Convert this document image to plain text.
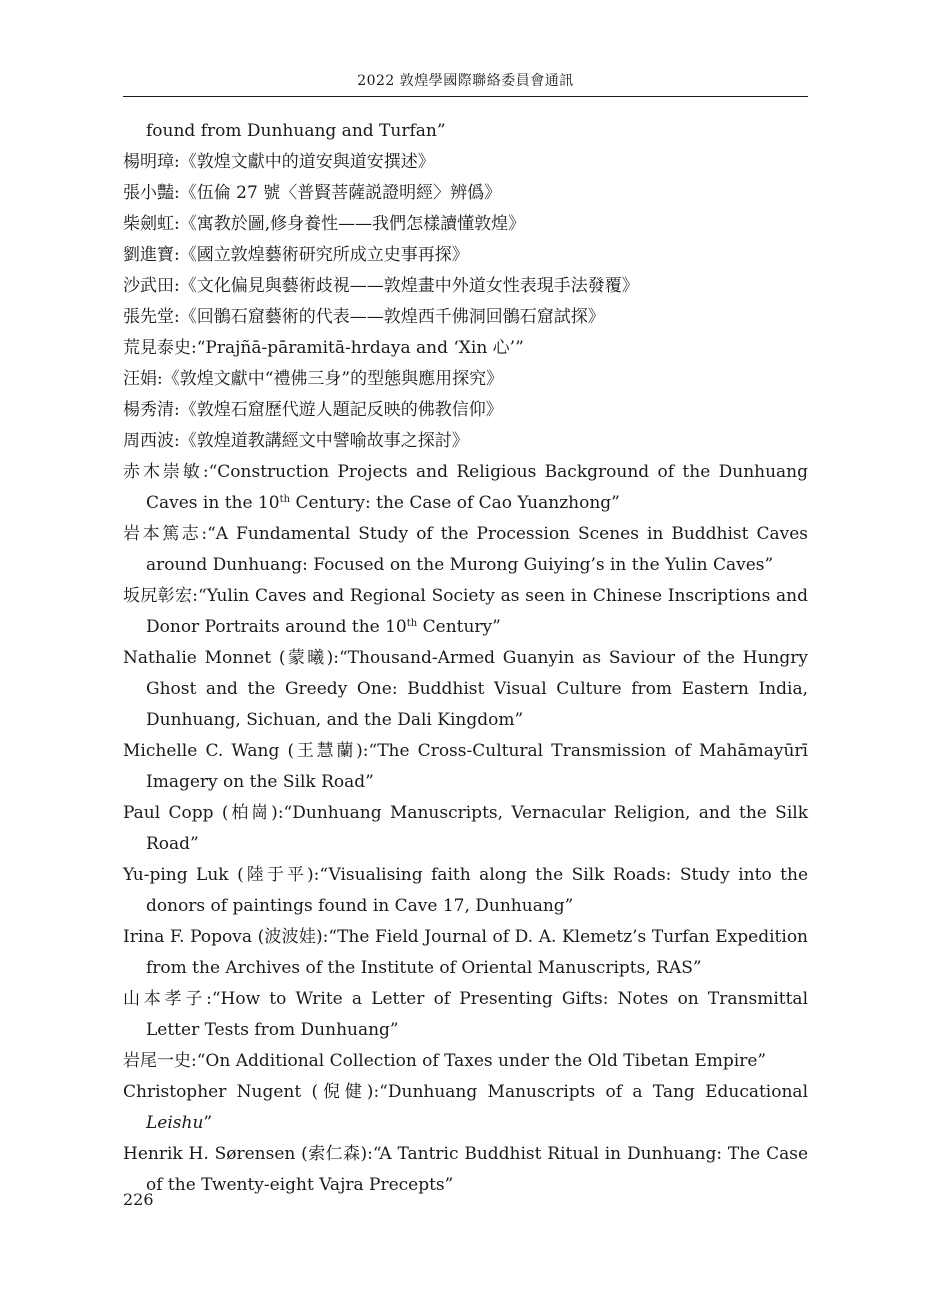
2022 敦煌學國際聯絡委員會通訊
found from Dunhuang and Turfan”
楊明璋:《敦煌文獻中的道安與道安撰述》
張小豔:《伍倫 27 號〈普賢菩薩説證明經〉辨僞》
柴劍虹:《寓教於圖,修身養性——我們怎樣讀懂敦煌》
劉進寶:《國立敦煌藝術研究所成立史事再探》
沙武田:《文化偏見與藝術歧視——敦煌畫中外道女性表現手法發覆》
張先堂:《回鶻石窟藝術的代表——敦煌西千佛洞回鶻石窟試探》
荒見泰史:“Prajñā-pāramitā-hrdaya and ‘Xin 心’”
汪娟:《敦煌文獻中“禮佛三身”的型態與應用探究》
楊秀清:《敦煌石窟歷代遊人題記反映的佛教信仰》
周西波:《敦煌道教講經文中譬喻故事之探討》
赤木崇敏:“Construction Projects and Religious Background of the Dunhuang Caves in the 10th Century: the Case of Cao Yuanzhong”
岩本篤志:“A Fundamental Study of the Procession Scenes in Buddhist Caves around Dunhuang: Focused on the Murong Guiying’s in the Yulin Caves”
坂尻彰宏:“Yulin Caves and Regional Society as seen in Chinese Inscriptions and Donor Portraits around the 10th Century”
Nathalie Monnet (蒙曦):“Thousand-Armed Guanyin as Saviour of the Hungry Ghost and the Greedy One: Buddhist Visual Culture from Eastern India, Dunhuang, Sichuan, and the Dali Kingdom”
Michelle C. Wang (王慧蘭):“The Cross-Cultural Transmission of Mahāmayūrī Imagery on the Silk Road”
Paul Copp (柏崗):“Dunhuang Manuscripts, Vernacular Religion, and the Silk Road”
Yu-ping Luk (陸于平):“Visualising faith along the Silk Roads: Study into the donors of paintings found in Cave 17, Dunhuang”
Irina F. Popova (波波娃):“The Field Journal of D. A. Klemetz’s Turfan Expedition from the Archives of the Institute of Oriental Manuscripts, RAS”
山本孝子:“How to Write a Letter of Presenting Gifts: Notes on Transmittal Letter Tests from Dunhuang”
岩尾一史:“On Additional Collection of Taxes under the Old Tibetan Empire”
Christopher Nugent (倪健):“Dunhuang Manuscripts of a Tang Educational Leishu”
Henrik H. Sørensen (索仁森):“A Tantric Buddhist Ritual in Dunhuang: The Case of the Twenty-eight Vajra Precepts”
226
